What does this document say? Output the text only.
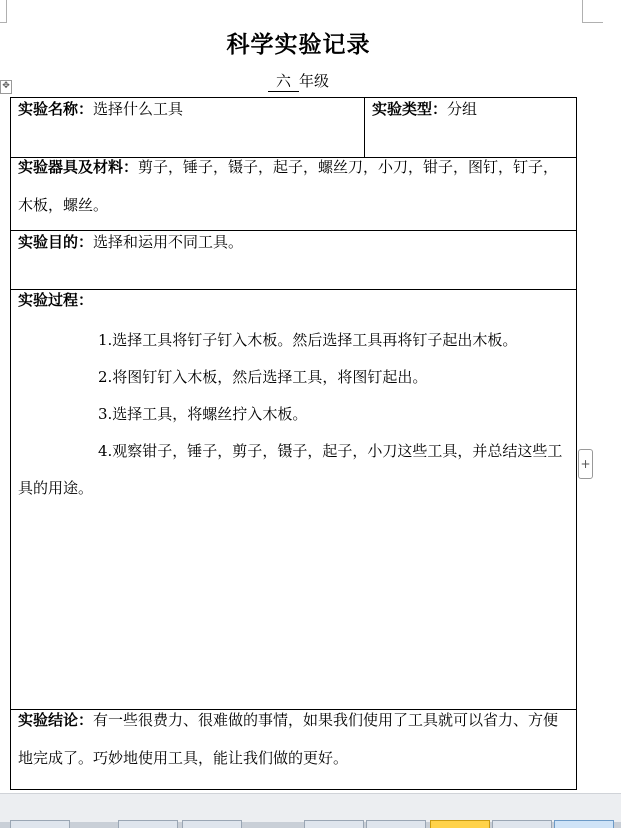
✥
科学实验记录
六 年级
实验名称：选择什么工具	实验类型：分组

实验器具及材料：剪子，锤子，镊子，起子，螺丝刀，小刀，钳子，图钉，钉子，木板，螺丝。

实验目的：选择和运用不同工具。

实验过程：
1.选择工具将钉子钉入木板。然后选择工具再将钉子起出木板。
2.将图钉钉入木板，然后选择工具，将图钉起出。
3.选择工具，将螺丝拧入木板。
4.观察钳子，锤子，剪子，镊子，起子，小刀这些工具，并总结这些工具的用途。

实验结论：有一些很费力、很难做的事情，如果我们使用了工具就可以省力、方便地完成了。巧妙地使用工具，能让我们做的更好。
+
